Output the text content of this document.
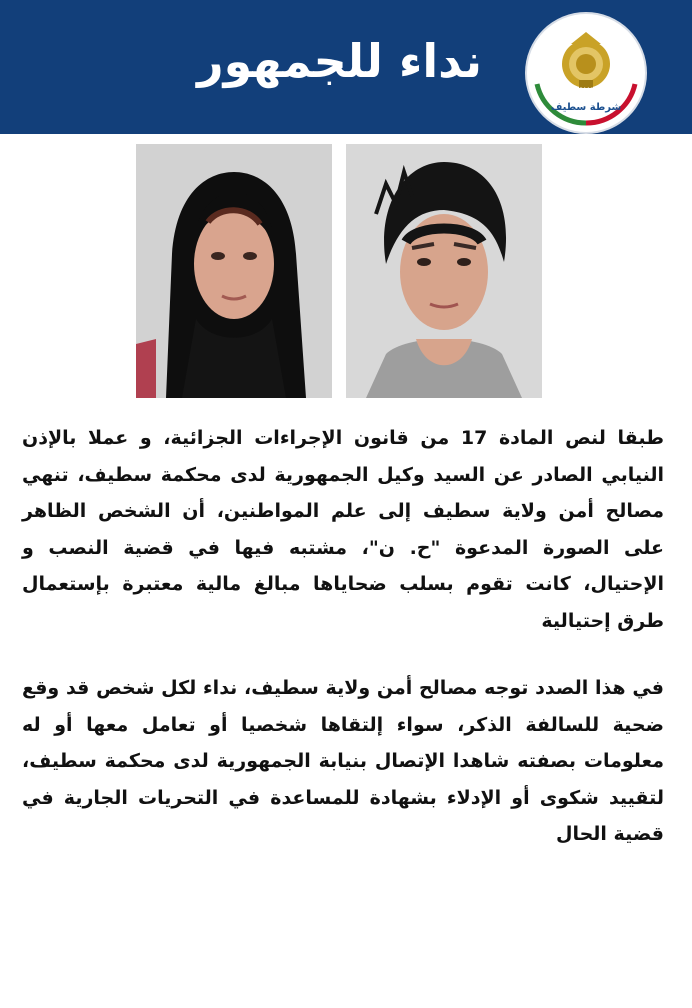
نداء للجمهور
POLICE
شرطة سطيف

طبقا لنص المادة 17 من قانون الإجراءات الجزائية، و عملا بالإذن النيابي الصادر عن السيد وكيل الجمهورية لدى محكمة سطيف، تنهي مصالح أمن ولاية سطيف إلى علم المواطنين، أن الشخص الظاهر على الصورة المدعوة "ح. ن"، مشتبه فيها في قضية النصب و الإحتيال، كانت تقوم بسلب ضحاياها مبالغ مالية معتبرة بإستعمال طرق إحتيالية

في هذا الصدد توجه مصالح أمن ولاية سطيف، نداء لكل شخص قد وقع ضحية للسالفة الذكر، سواء إلتقاها شخصيا أو تعامل معها أو له معلومات بصفته شاهدا الإتصال بنيابة الجمهورية لدى محكمة سطيف، لتقييد شكوى أو الإدلاء بشهادة للمساعدة في التحريات الجارية في قضية الحال
